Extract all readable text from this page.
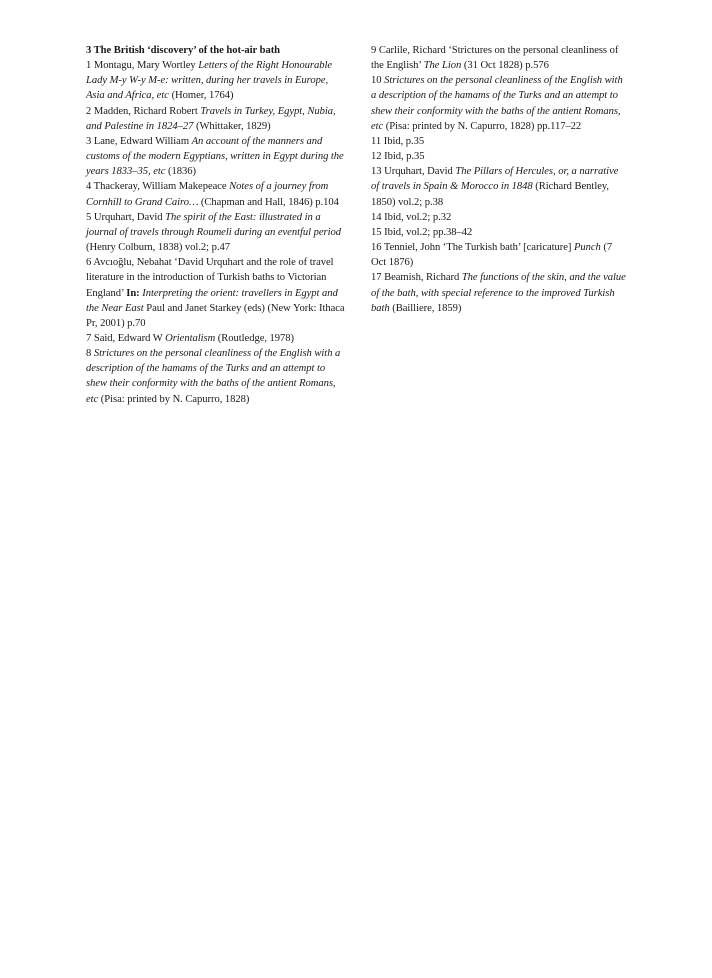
3 The British ‘discovery’ of the hot-air bath

1 Montagu, Mary Wortley Letters of the Right Honourable Lady M-y W-y M-e: written, during her travels in Europe, Asia and Africa, etc (Homer, 1764)

2 Madden, Richard Robert Travels in Turkey, Egypt, Nubia, and Palestine in 1824–27 (Whittaker, 1829)

3 Lane, Edward William An account of the manners and customs of the modern Egyptians, written in Egypt during the years 1833–35, etc (1836)

4 Thackeray, William Makepeace Notes of a journey from Cornhill to Grand Cairo… (Chapman and Hall, 1846) p.104

5 Urquhart, David The spirit of the East: illustrated in a journal of travels through Roumeli during an eventful period (Henry Colburn, 1838) vol.2; p.47

6 Avcıoğlu, Nebahat ‘David Urquhart and the role of travel literature in the introduction of Turkish baths to Victorian England’ In: Interpreting the orient: travellers in Egypt and the Near East Paul and Janet Starkey (eds) (New York: Ithaca Pr, 2001) p.70

7 Said, Edward W Orientalism (Routledge, 1978)

8 Strictures on the personal cleanliness of the English with a description of the hamams of the Turks and an attempt to shew their conformity with the baths of the antient Romans, etc (Pisa: printed by N. Capurro, 1828)

9 Carlile, Richard ‘Strictures on the personal cleanliness of the English’ The Lion (31 Oct 1828) p.576

10 Strictures on the personal cleanliness of the English with a description of the hamams of the Turks and an attempt to shew their conformity with the baths of the antient Romans, etc (Pisa: printed by N. Capurro, 1828) pp.117–22

11 Ibid, p.35

12 Ibid, p.35

13 Urquhart, David The Pillars of Hercules, or, a narrative of travels in Spain & Morocco in 1848 (Richard Bentley, 1850) vol.2; p.38

14 Ibid, vol.2; p.32

15 Ibid, vol.2; pp.38–42

16 Tenniel, John ‘The Turkish bath’ [caricature] Punch (7 Oct 1876)

17 Beamish, Richard The functions of the skin, and the value of the bath, with special reference to the improved Turkish bath (Bailliere, 1859)
